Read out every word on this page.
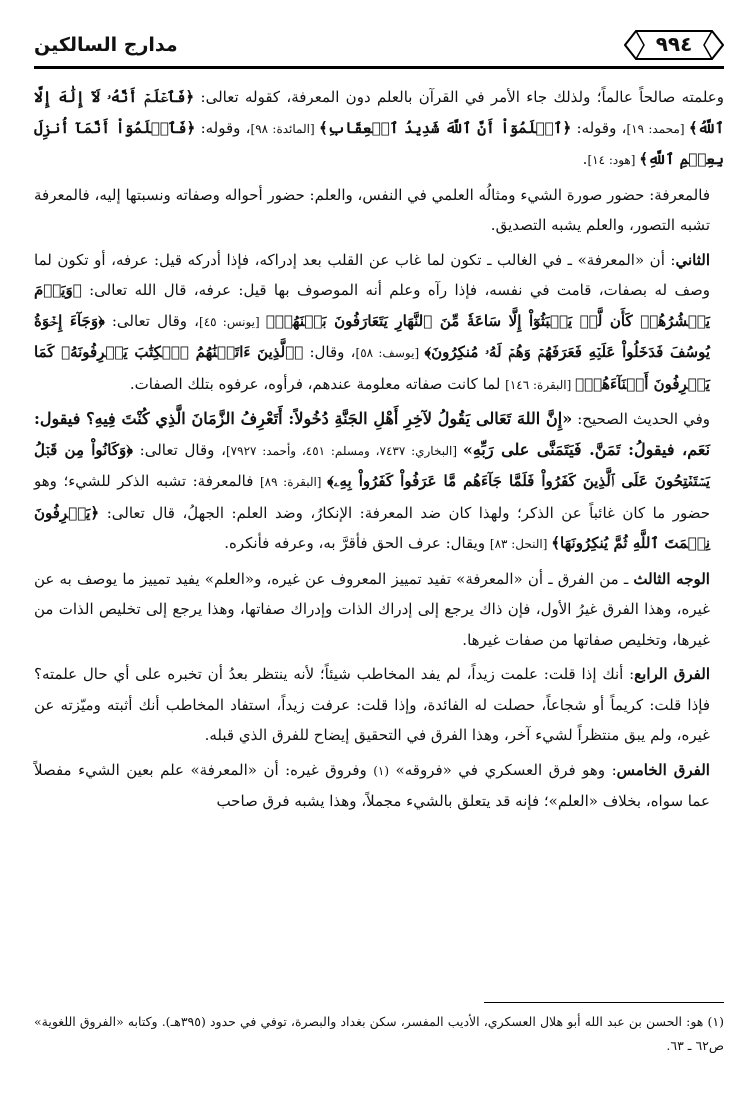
٩٩٤
مدارج السالكين

وعلمته صالحاً عالماً؛ ولذلك جاء الأمر في القرآن بالعلم دون المعرفة، كقوله تعالى: ﴿فَٱعۡلَمۡ أَنَّهُۥ لَآ إِلَٰهَ إِلَّا ٱللَّهُ﴾ [محمد: ١٩]، وقوله: ﴿ٱعۡلَمُوٓاْ أَنَّ ٱللَّهَ شَدِيدُ ٱلۡعِقَابِ﴾ [المائدة: ٩٨]، وقوله: ﴿فَٱعۡلَمُوٓاْ أَنَّمَآ أُنزِلَ بِعِلۡمِ ٱللَّهِ﴾ [هود: ١٤].

فالمعرفة: حضور صورة الشيء ومثالُه العلمي في النفس، والعلم: حضور أحواله وصفاته ونسبتها إليه، فالمعرفة تشبه التصور، والعلم يشبه التصديق.

الثاني: أن «المعرفة» ـ في الغالب ـ تكون لما غاب عن القلب بعد إدراكه، فإذا أدركه قيل: عرفه، أو تكون لما وصف له بصفات، قامت في نفسه، فإذا رآه وعلم أنه الموصوف بها قيل: عرفه، قال الله تعالى: ﴿وَيَوۡمَ يَحۡشُرُهُمۡ كَأَن لَّمۡ يَلۡبَثُوٓاْ إِلَّا سَاعَةٗ مِّنَ ٱلنَّهَارِ يَتَعَارَفُونَ بَيۡنَهُمۡ﴾ [يونس: ٤٥]، وقال تعالى: ﴿وَجَآءَ إِخۡوَةُ يُوسُفَ فَدَخَلُواْ عَلَيۡهِ فَعَرَفَهُمۡ وَهُمۡ لَهُۥ مُنكِرُونَ﴾ [يوسف: ٥٨]، وقال: ﴿ٱلَّذِينَ ءَاتَيۡنَٰهُمُ ٱلۡكِتَٰبَ يَعۡرِفُونَهُۥ كَمَا يَعۡرِفُونَ أَبۡنَآءَهُمۡ﴾ [البقرة: ١٤٦] لما كانت صفاته معلومة عندهم، فرأوه، عرفوه بتلك الصفات.

وفي الحديث الصحيح: «إِنَّ اللهَ تَعَالى يَقُولُ لآخِرِ أَهْلِ الجَنَّةِ دُخُولاً: أَتَعْرِفُ الزَّمَانَ الَّذِي كُنْتَ فِيهِ؟ فيقول: نَعَم، فيقولُ: تَمَنَّ. فَيَتَمَنَّى على رَبِّهِ» [البخاري: ٧٤٣٧، ومسلم: ٤٥١، وأحمد: ٧٩٢٧]، وقال تعالى: ﴿وَكَانُواْ مِن قَبۡلُ يَسۡتَفۡتِحُونَ عَلَى ٱلَّذِينَ كَفَرُواْ فَلَمَّا جَآءَهُم مَّا عَرَفُواْ كَفَرُواْ بِهِۦ﴾ [البقرة: ٨٩] فالمعرفة: تشبه الذكر للشيء؛ وهو حضور ما كان غائباً عن الذكر؛ ولهذا كان ضد المعرفة: الإنكارُ، وضد العلم: الجهلُ، قال تعالى: ﴿يَعۡرِفُونَ نِعۡمَتَ ٱللَّهِ ثُمَّ يُنكِرُونَهَا﴾ [النحل: ٨٣] ويقال: عرف الحق فأقرَّ به، وعرفه فأنكره.

الوجه الثالث ـ من الفرق ـ أن «المعرفة» تفيد تمييز المعروف عن غيره، و«العلم» يفيد تمييز ما يوصف به عن غيره، وهذا الفرق غيرُ الأول، فإن ذاك يرجع إلى إدراك الذات وإدراك صفاتها، وهذا يرجع إلى تخليص الذات من غيرها، وتخليص صفاتها من صفات غيرها.

الفرق الرابع: أنك إذا قلت: علمت زيداً، لم يفد المخاطب شيئاً؛ لأنه ينتظر بعدُ أن تخبره على أي حال علمته؟ فإذا قلت: كريماً أو شجاعاً، حصلت له الفائدة، وإذا قلت: عرفت زيداً، استفاد المخاطب أنك أثبته وميّزته عن غيره، ولم يبق منتظراً لشيء آخر، وهذا الفرق في التحقيق إيضاح للفرق الذي قبله.

الفرق الخامس: وهو فرق العسكري في «فروقه» (١) وفروق غيره: أن «المعرفة» علم بعين الشيء مفصلاً عما سواه، بخلاف «العلم»؛ فإنه قد يتعلق بالشيء مجملاً، وهذا يشبه فرق صاحب

(١) هو: الحسن بن عبد الله أبو هلال العسكري، الأديب المفسر، سكن بغداد والبصرة، توفي في حدود (٣٩٥هـ). وكتابه «الفروق اللغوية» ص٦٢ ـ ٦٣.
